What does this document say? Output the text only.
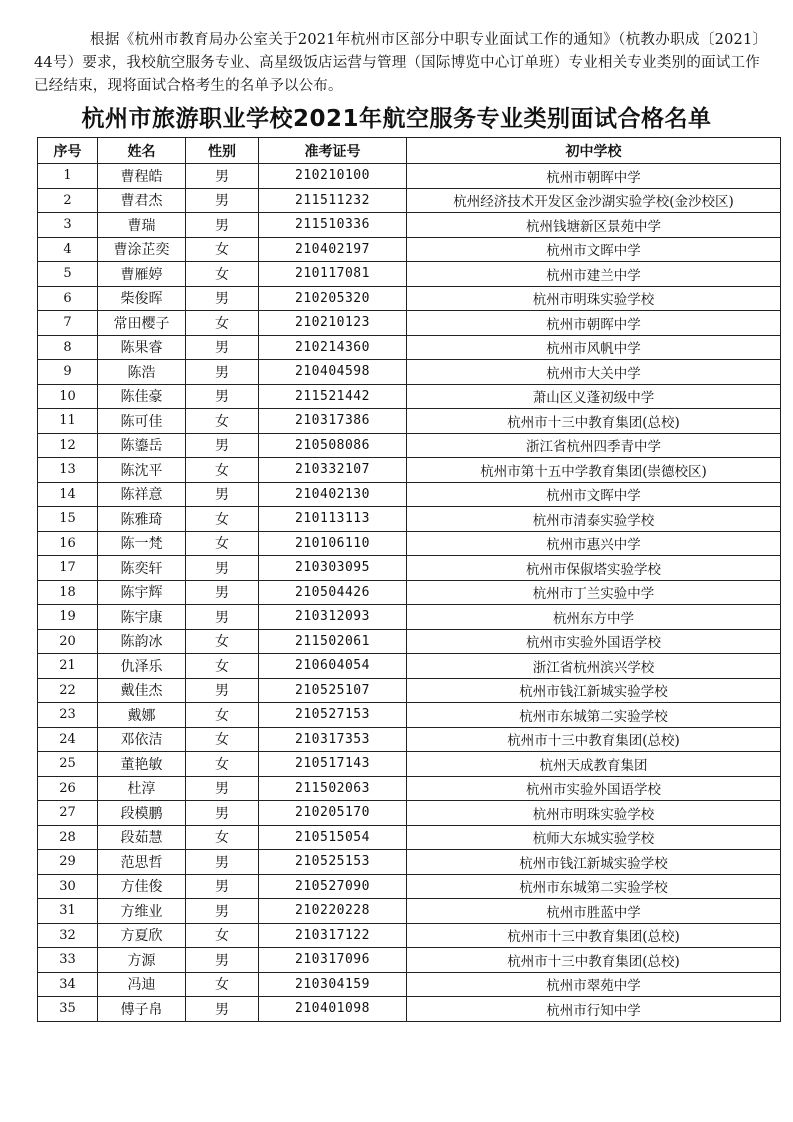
根据《杭州市教育局办公室关于2021年杭州市区部分中职专业面试工作的通知》（杭教办职成〔2021〕44号）要求，我校航空服务专业、高星级饭店运营与管理（国际博览中心订单班）专业相关专业类别的面试工作已经结束，现将面试合格考生的名单予以公布。

杭州市旅游职业学校2021年航空服务专业类别面试合格名单
序号	姓名	性别	准考证号	初中学校
1	曹程皓	男	210210100	杭州市朝晖中学
2	曹君杰	男	211511232	杭州经济技术开发区金沙湖实验学校(金沙校区)
3	曹瑞	男	211510336	杭州钱塘新区景苑中学
4	曹涂芷奕	女	210402197	杭州市文晖中学
5	曹雁婷	女	210117081	杭州市建兰中学
6	柴俊晖	男	210205320	杭州市明珠实验学校
7	常田樱子	女	210210123	杭州市朝晖中学
8	陈果睿	男	210214360	杭州市风帆中学
9	陈浩	男	210404598	杭州市大关中学
10	陈佳豪	男	211521442	萧山区义蓬初级中学
11	陈可佳	女	210317386	杭州市十三中教育集团(总校)
12	陈鎏岳	男	210508086	浙江省杭州四季青中学
13	陈沈平	女	210332107	杭州市第十五中学教育集团(崇德校区)
14	陈祥意	男	210402130	杭州市文晖中学
15	陈雅琦	女	210113113	杭州市清泰实验学校
16	陈一梵	女	210106110	杭州市惠兴中学
17	陈奕轩	男	210303095	杭州市保俶塔实验学校
18	陈宇辉	男	210504426	杭州市丁兰实验中学
19	陈宇康	男	210312093	杭州东方中学
20	陈韵冰	女	211502061	杭州市实验外国语学校
21	仇泽乐	女	210604054	浙江省杭州滨兴学校
22	戴佳杰	男	210525107	杭州市钱江新城实验学校
23	戴娜	女	210527153	杭州市东城第二实验学校
24	邓依洁	女	210317353	杭州市十三中教育集团(总校)
25	董艳敏	女	210517143	杭州天成教育集团
26	杜淳	男	211502063	杭州市实验外国语学校
27	段模鹏	男	210205170	杭州市明珠实验学校
28	段茹慧	女	210515054	杭师大东城实验学校
29	范思哲	男	210525153	杭州市钱江新城实验学校
30	方佳俊	男	210527090	杭州市东城第二实验学校
31	方维业	男	210220228	杭州市胜蓝中学
32	方夏欣	女	210317122	杭州市十三中教育集团(总校)
33	方源	男	210317096	杭州市十三中教育集团(总校)
34	冯迪	女	210304159	杭州市翠苑中学
35	傅子帛	男	210401098	杭州市行知中学
